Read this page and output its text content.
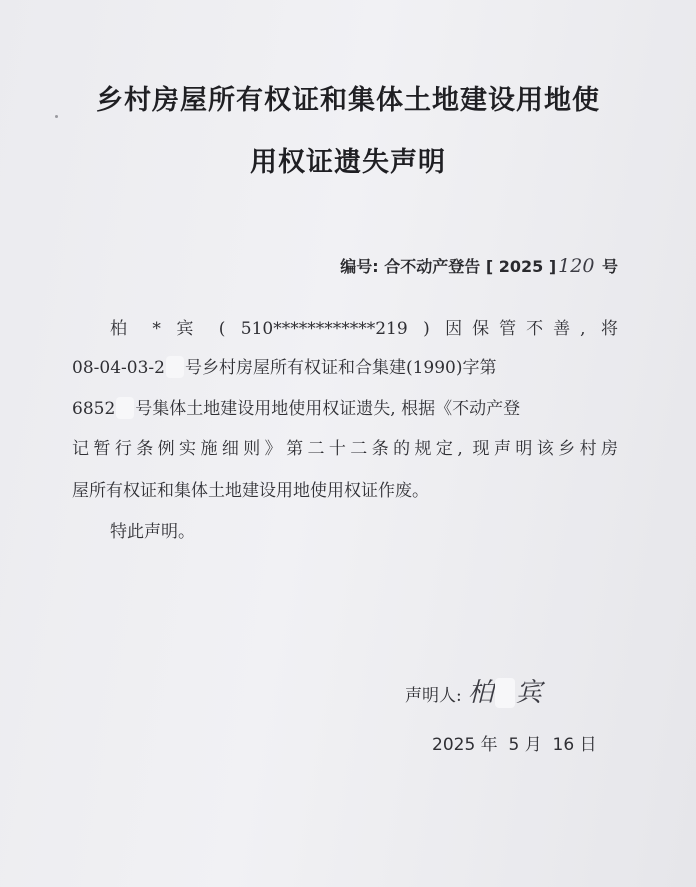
乡村房屋所有权证和集体土地建设用地使
用权证遗失声明
编号: 合不动产登告 [ 2025 ] 120 号
柏 * 宾 ( 510************219 ) 因保管不善, 将
08-04-03-2 号乡村房屋所有权证和合集建(1990)字第
6852 号集体土地建设用地使用权证遗失, 根据《不动产登
记暂行条例实施细则》第二十二条的规定, 现声明该乡村房
屋所有权证和集体土地建设用地使用权证作废。
特此声明。
声明人: 柏 宾
2025 年 5 月 16 日
